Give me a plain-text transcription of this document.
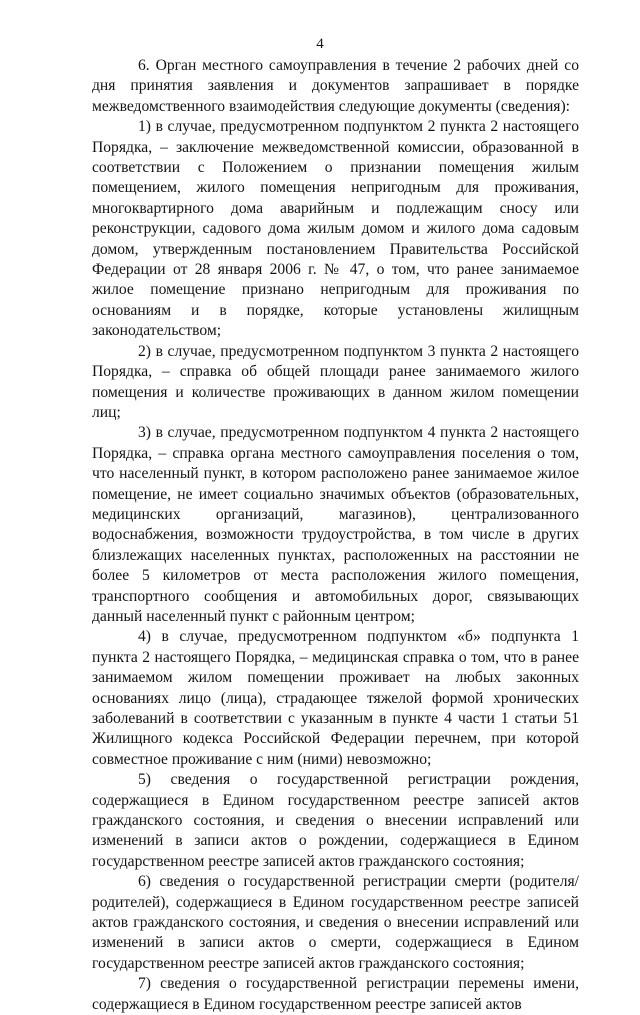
4

6. Орган местного самоуправления в течение 2 рабочих дней со дня принятия заявления и документов запрашивает в порядке межведомственного взаимодействия следующие документы (сведения):

1) в случае, предусмотренном подпунктом 2 пункта 2 настоящего Порядка, – заключение межведомственной комиссии, образованной в соответствии с Положением о признании помещения жилым помещением, жилого помещения непригодным для проживания, многоквартирного дома аварийным и подлежащим сносу или реконструкции, садового дома жилым домом и жилого дома садовым домом, утвержденным постановлением Правительства Российской Федерации от 28 января 2006 г. № 47, о том, что ранее занимаемое жилое помещение признано непригодным для проживания по основаниям и в порядке, которые установлены жилищным законодательством;

2) в случае, предусмотренном подпунктом 3 пункта 2 настоящего Порядка, – справка об общей площади ранее занимаемого жилого помещения и количестве проживающих в данном жилом помещении лиц;

3) в случае, предусмотренном подпунктом 4 пункта 2 настоящего Порядка, – справка органа местного самоуправления поселения о том, что населенный пункт, в котором расположено ранее занимаемое жилое помещение, не имеет социально значимых объектов (образовательных, медицинских организаций, магазинов), централизованного водоснабжения, возможности трудоустройства, в том числе в других близлежащих населенных пунктах, расположенных на расстоянии не более 5 километров от места расположения жилого помещения, транспортного сообщения и автомобильных дорог, связывающих данный населенный пункт с районным центром;

4) в случае, предусмотренном подпунктом «б» подпункта 1 пункта 2 настоящего Порядка, – медицинская справка о том, что в ранее занимаемом жилом помещении проживает на любых законных основаниях лицо (лица), страдающее тяжелой формой хронических заболеваний в соответствии с указанным в пункте 4 части 1 статьи 51 Жилищного кодекса Российской Федерации перечнем, при которой совместное проживание с ним (ними) невозможно;

5) сведения о государственной регистрации рождения, содержащиеся в Едином государственном реестре записей актов гражданского состояния, и сведения о внесении исправлений или изменений в записи актов о рождении, содержащиеся в Едином государственном реестре записей актов гражданского состояния;

6) сведения о государственной регистрации смерти (родителя/родителей), содержащиеся в Едином государственном реестре записей актов гражданского состояния, и сведения о внесении исправлений или изменений в записи актов о смерти, содержащиеся в Едином государственном реестре записей актов гражданского состояния;

7) сведения о государственной регистрации перемены имени, содержащиеся в Едином государственном реестре записей актов
